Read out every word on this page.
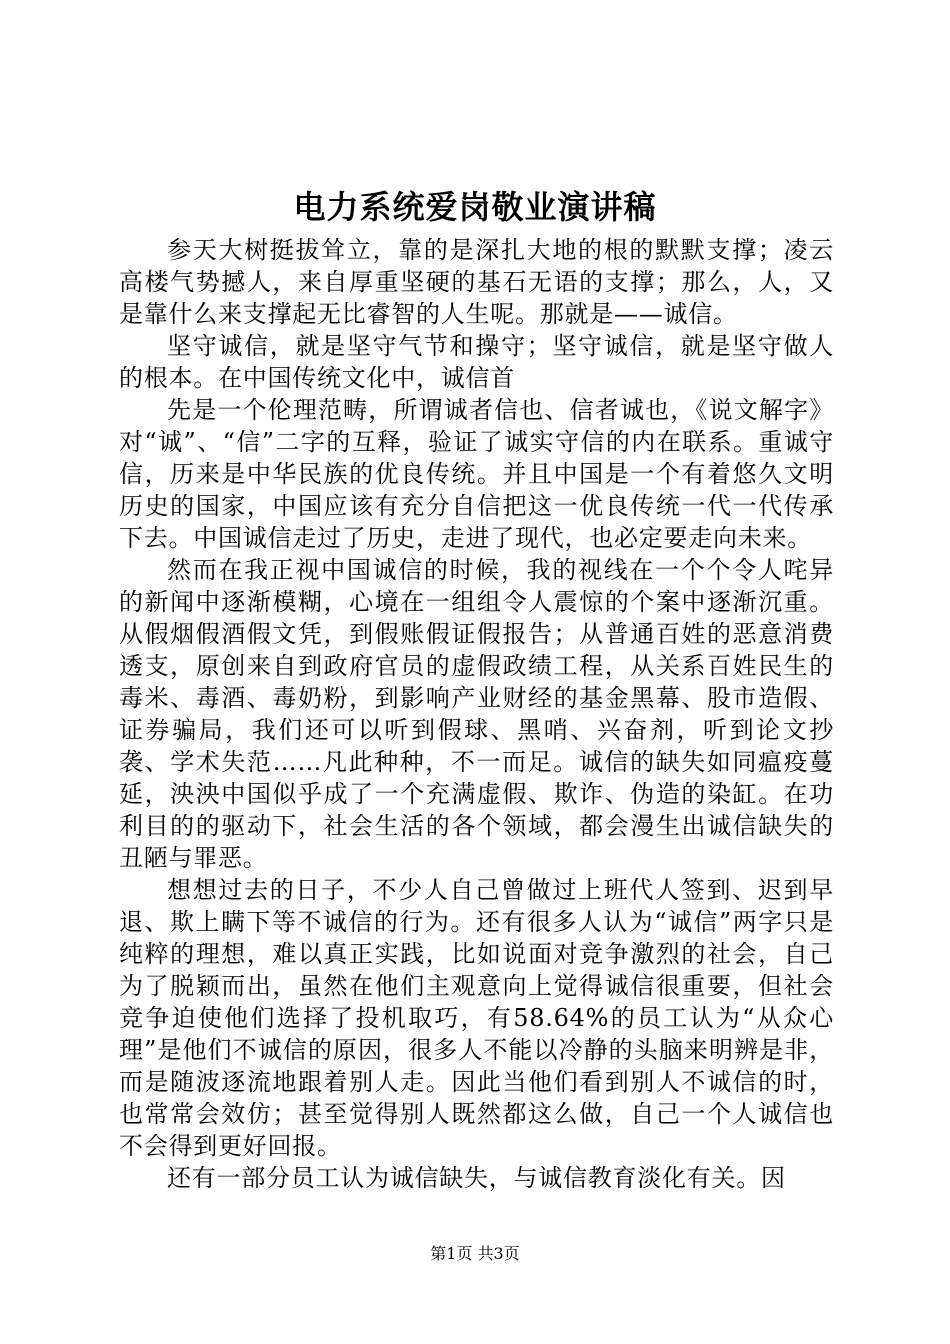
电力系统爱岗敬业演讲稿

参天大树挺拔耸立，靠的是深扎大地的根的默默支撑；凌云高楼气势撼人，来自厚重坚硬的基石无语的支撑；那么，人，又是靠什么来支撑起无比睿智的人生呢。那就是——诚信。

坚守诚信，就是坚守气节和操守；坚守诚信，就是坚守做人的根本。在中国传统文化中，诚信首

先是一个伦理范畴，所谓诚者信也、信者诚也，《说文解字》对“诚”、“信”二字的互释，验证了诚实守信的内在联系。重诚守信，历来是中华民族的优良传统。并且中国是一个有着悠久文明历史的国家，中国应该有充分自信把这一优良传统一代一代传承下去。中国诚信走过了历史，走进了现代，也必定要走向未来。

然而在我正视中国诚信的时候，我的视线在一个个令人咤异的新闻中逐渐模糊，心境在一组组令人震惊的个案中逐渐沉重。从假烟假酒假文凭，到假账假证假报告；从普通百姓的恶意消费透支，原创来自到政府官员的虚假政绩工程，从关系百姓民生的毒米、毒酒、毒奶粉，到影响产业财经的基金黑幕、股市造假、证券骗局，我们还可以听到假球、黑哨、兴奋剂，听到论文抄袭、学术失范……凡此种种，不一而足。诚信的缺失如同瘟疫蔓延，泱泱中国似乎成了一个充满虚假、欺诈、伪造的染缸。在功利目的的驱动下，社会生活的各个领域，都会漫生出诚信缺失的丑陋与罪恶。

想想过去的日子，不少人自己曾做过上班代人签到、迟到早退、欺上瞒下等不诚信的行为。还有很多人认为“诚信”两字只是纯粹的理想，难以真正实践，比如说面对竞争激烈的社会，自己为了脱颖而出，虽然在他们主观意向上觉得诚信很重要，但社会竞争迫使他们选择了投机取巧，有58.64%的员工认为“从众心理”是他们不诚信的原因，很多人不能以冷静的头脑来明辨是非，而是随波逐流地跟着别人走。因此当他们看到别人不诚信的时，也常常会效仿；甚至觉得别人既然都这么做，自己一个人诚信也不会得到更好回报。

还有一部分员工认为诚信缺失，与诚信教育淡化有关。因

第1页 共3页
